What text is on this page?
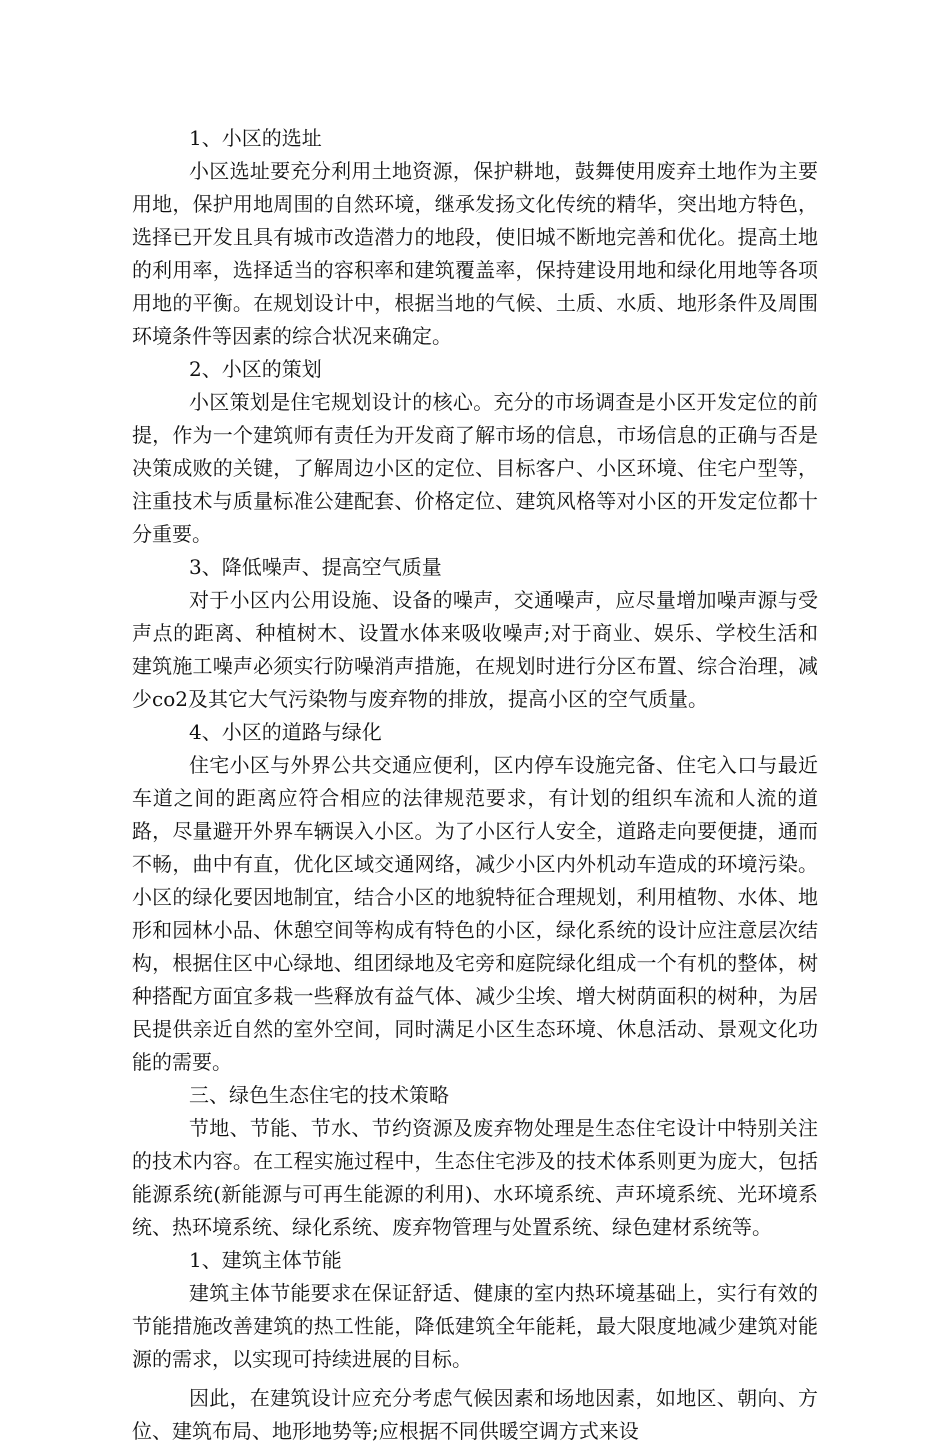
1、小区的选址

小区选址要充分利用土地资源，保护耕地，鼓舞使用废弃土地作为主要用地，保护用地周围的自然环境，继承发扬文化传统的精华，突出地方特色，选择已开发且具有城市改造潜力的地段，使旧城不断地完善和优化。提高土地的利用率，选择适当的容积率和建筑覆盖率，保持建设用地和绿化用地等各项用地的平衡。在规划设计中，根据当地的气候、土质、水质、地形条件及周围环境条件等因素的综合状况来确定。

2、小区的策划

小区策划是住宅规划设计的核心。充分的市场调查是小区开发定位的前提，作为一个建筑师有责任为开发商了解市场的信息，市场信息的正确与否是决策成败的关键，了解周边小区的定位、目标客户、小区环境、住宅户型等，注重技术与质量标准公建配套、价格定位、建筑风格等对小区的开发定位都十分重要。

3、降低噪声、提高空气质量

对于小区内公用设施、设备的噪声，交通噪声，应尽量增加噪声源与受声点的距离、种植树木、设置水体来吸收噪声;对于商业、娱乐、学校生活和建筑施工噪声必须实行防噪消声措施，在规划时进行分区布置、综合治理，减少co2及其它大气污染物与废弃物的排放，提高小区的空气质量。

4、小区的道路与绿化

住宅小区与外界公共交通应便利，区内停车设施完备、住宅入口与最近车道之间的距离应符合相应的法律规范要求，有计划的组织车流和人流的道路，尽量避开外界车辆误入小区。为了小区行人安全，道路走向要便捷，通而不畅，曲中有直，优化区域交通网络，减少小区内外机动车造成的环境污染。小区的绿化要因地制宜，结合小区的地貌特征合理规划，利用植物、水体、地形和园林小品、休憩空间等构成有特色的小区，绿化系统的设计应注意层次结构，根据住区中心绿地、组团绿地及宅旁和庭院绿化组成一个有机的整体，树种搭配方面宜多栽一些释放有益气体、减少尘埃、增大树荫面积的树种，为居民提供亲近自然的室外空间，同时满足小区生态环境、休息活动、景观文化功能的需要。

三、绿色生态住宅的技术策略

节地、节能、节水、节约资源及废弃物处理是生态住宅设计中特别关注的技术内容。在工程实施过程中，生态住宅涉及的技术体系则更为庞大，包括能源系统(新能源与可再生能源的利用)、水环境系统、声环境系统、光环境系统、热环境系统、绿化系统、废弃物管理与处置系统、绿色建材系统等。

1、建筑主体节能

建筑主体节能要求在保证舒适、健康的室内热环境基础上，实行有效的节能措施改善建筑的热工性能，降低建筑全年能耗，最大限度地减少建筑对能源的需求，以实现可持续进展的目标。

因此，在建筑设计应充分考虑气候因素和场地因素，如地区、朝向、方位、建筑布局、地形地势等;应根据不同供暖空调方式来设
